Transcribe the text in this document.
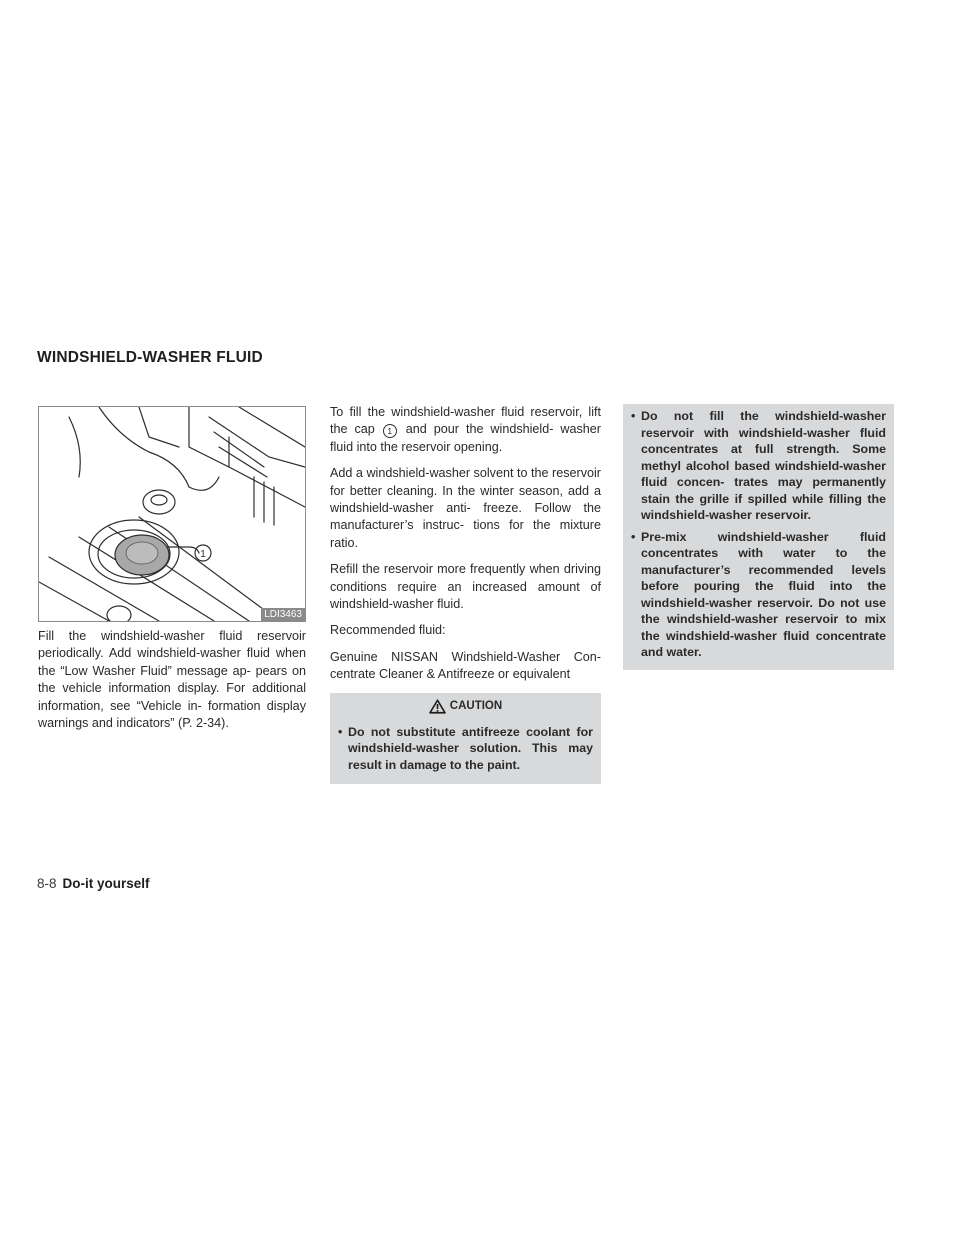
WINDSHIELD-WASHER FLUID
1
LDI3463

Fill the windshield-washer fluid reservoir periodically. Add windshield-washer fluid when the “Low Washer Fluid” message ap- pears on the vehicle information display. For additional information, see “Vehicle in- formation display warnings and indicators” (P. 2-34).

To fill the windshield-washer fluid reservoir, lift the cap 1 and pour the windshield- washer fluid into the reservoir opening.

Add a windshield-washer solvent to the reservoir for better cleaning. In the winter season, add a windshield-washer anti- freeze. Follow the manufacturer’s instruc- tions for the mixture ratio.

Refill the reservoir more frequently when driving conditions require an increased amount of windshield-washer fluid.

Recommended fluid:

Genuine NISSAN Windshield-Washer Con- centrate Cleaner & Antifreeze or equivalent

CAUTION
• Do not substitute antifreeze coolant for windshield-washer solution. This may result in damage to the paint.
• Do not fill the windshield-washer reservoir with windshield-washer fluid concentrates at full strength. Some methyl alcohol based windshield-washer fluid concen- trates may permanently stain the grille if spilled while filling the windshield-washer reservoir.
• Pre-mix windshield-washer fluid concentrates with water to the manufacturer’s recommended levels before pouring the fluid into the windshield-washer reservoir. Do not use the windshield-washer reservoir to mix the windshield-washer fluid concentrate and water.
8-8 Do-it yourself
